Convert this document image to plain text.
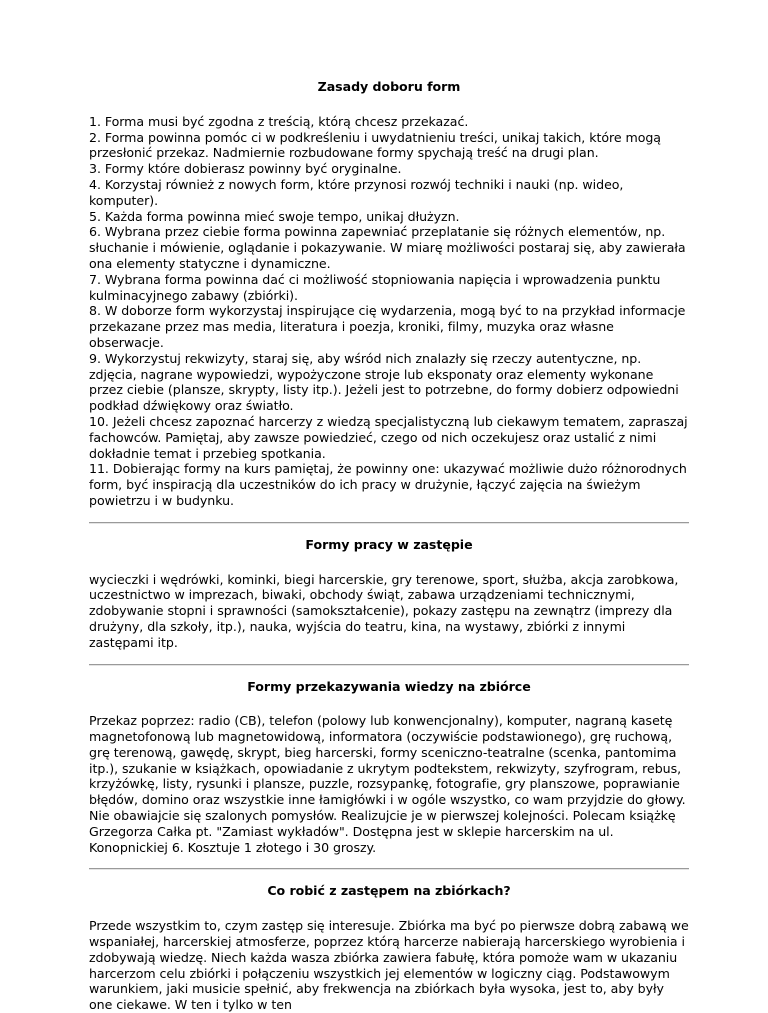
Zasady doboru form
1. Forma musi być zgodna z treścią, którą chcesz przekazać.
2. Forma powinna pomóc ci w podkreśleniu i uwydatnieniu treści, unikaj takich, które mogą przesłonić przekaz. Nadmiernie rozbudowane formy spychają treść na drugi plan.
3. Formy które dobierasz powinny być oryginalne.
4. Korzystaj również z nowych form, które przynosi rozwój techniki i nauki (np. wideo, komputer).
5. Każda forma powinna mieć swoje tempo, unikaj dłużyzn.
6. Wybrana przez ciebie forma powinna zapewniać przeplatanie się różnych elementów, np. słuchanie i mówienie, oglądanie i pokazywanie. W miarę możliwości postaraj się, aby zawierała ona elementy statyczne i dynamiczne.
7. Wybrana forma powinna dać ci możliwość stopniowania napięcia i wprowadzenia punktu kulminacyjnego zabawy (zbiórki).
8. W doborze form wykorzystaj inspirujące cię wydarzenia, mogą być to na przykład informacje przekazane przez mas media, literatura i poezja, kroniki, filmy, muzyka oraz własne obserwacje.
9. Wykorzystuj rekwizyty, staraj się, aby wśród nich znalazły się rzeczy autentyczne, np. zdjęcia, nagrane wypowiedzi, wypożyczone stroje lub eksponaty oraz elementy wykonane przez ciebie (plansze, skrypty, listy itp.). Jeżeli jest to potrzebne, do formy dobierz odpowiedni podkład dźwiękowy oraz światło.
10. Jeżeli chcesz zapoznać harcerzy z wiedzą specjalistyczną lub ciekawym tematem, zapraszaj fachowców. Pamiętaj, aby zawsze powiedzieć, czego od nich oczekujesz oraz ustalić z nimi dokładnie temat i przebieg spotkania.
11. Dobierając formy na kurs pamiętaj, że powinny one: ukazywać możliwie dużo różnorodnych form, być inspiracją dla uczestników do ich pracy w drużynie, łączyć zajęcia na świeżym powietrzu i w budynku.
Formy pracy w zastępie

wycieczki i wędrówki, kominki, biegi harcerskie, gry terenowe, sport, służba, akcja zarobkowa, uczestnictwo w imprezach, biwaki, obchody świąt, zabawa urządzeniami technicznymi, zdobywanie stopni i sprawności (samokształcenie), pokazy zastępu na zewnątrz (imprezy dla drużyny, dla szkoły, itp.), nauka, wyjścia do teatru, kina, na wystawy, zbiórki z innymi zastępami itp.

Formy przekazywania wiedzy na zbiórce

Przekaz poprzez: radio (CB), telefon (polowy lub konwencjonalny), komputer, nagraną kasetę magnetofonową lub magnetowidową, informatora (oczywiście podstawionego), grę ruchową, grę terenową, gawędę, skrypt, bieg harcerski, formy sceniczno-teatralne (scenka, pantomima itp.), szukanie w książkach, opowiadanie z ukrytym podtekstem, rekwizyty, szyfrogram, rebus, krzyżówkę, listy, rysunki i plansze, puzzle, rozsypankę, fotografie, gry planszowe, poprawianie błędów, domino oraz wszystkie inne łamigłówki i w ogóle wszystko, co wam przyjdzie do głowy. Nie obawiajcie się szalonych pomysłów. Realizujcie je w pierwszej kolejności. Polecam książkę Grzegorza Całka pt. "Zamiast wykładów". Dostępna jest w sklepie harcerskim na ul. Konopnickiej 6. Kosztuje 1 złotego i 30 groszy.

Co robić z zastępem na zbiórkach?

Przede wszystkim to, czym zastęp się interesuje. Zbiórka ma być po pierwsze dobrą zabawą we wspaniałej, harcerskiej atmosferze, poprzez którą harcerze nabierają harcerskiego wyrobienia i zdobywają wiedzę. Niech każda wasza zbiórka zawiera fabułę, która pomoże wam w ukazaniu harcerzom celu zbiórki i połączeniu wszystkich jej elementów w logiczny ciąg. Podstawowym warunkiem, jaki musicie spełnić, aby frekwencja na zbiórkach była wysoka, jest to, aby były one ciekawe. W ten i tylko w ten
